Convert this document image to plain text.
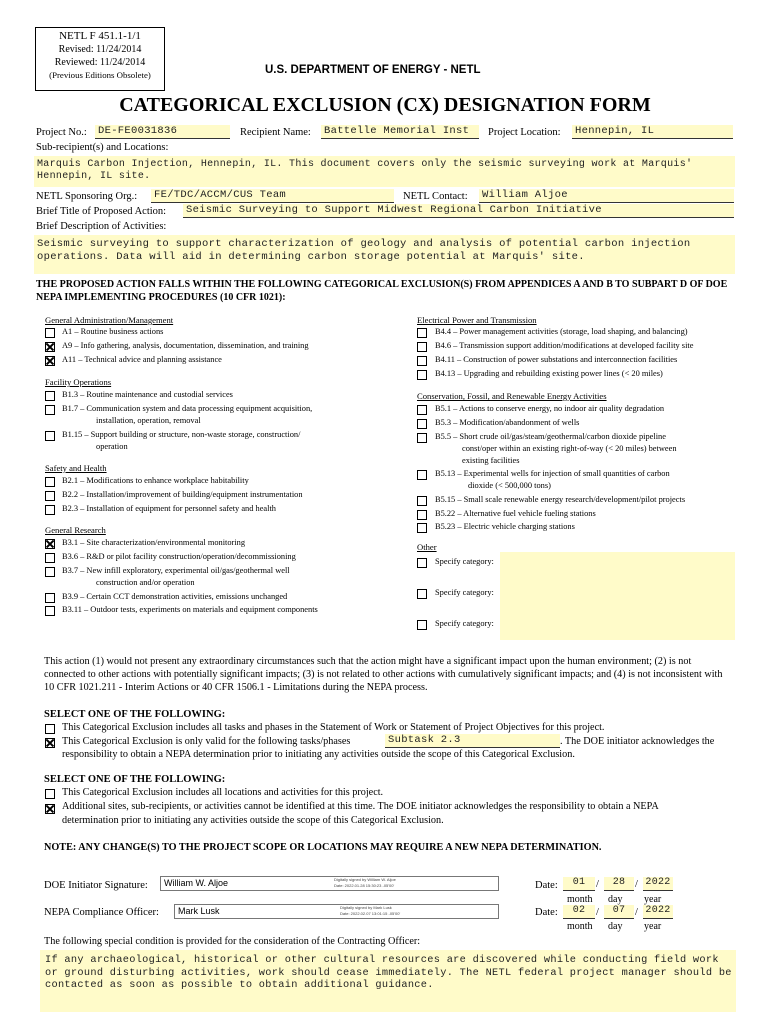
NETL F 451.1-1/1
Revised: 11/24/2014
Reviewed: 11/24/2014
(Previous Editions Obsolete)	U.S. DEPARTMENT OF ENERGY - NETL
CATEGORICAL EXCLUSION (CX) DESIGNATION FORM
Project No.: DE-FE0031836	Recipient Name: Battelle Memorial Inst	Project Location: Hennepin, IL
Sub-recipient(s) and Locations:
Marquis Carbon Injection, Hennepin, IL. This document covers only the seismic surveying work at Marquis' Hennepin, IL site.
NETL Sponsoring Org.: FE/TDC/ACCM/CUS Team	NETL Contact: William Aljoe
Brief Title of Proposed Action: Seismic Surveying to Support Midwest Regional Carbon Initiative
Brief Description of Activities:
Seismic surveying to support characterization of geology and analysis of potential carbon injection operations. Data will aid in determining carbon storage potential at Marquis' site.
THE PROPOSED ACTION FALLS WITHIN THE FOLLOWING CATEGORICAL EXCLUSION(S) FROM APPENDICES A AND B TO SUBPART D OF DOE NEPA IMPLEMENTING PROCEDURES (10 CFR 1021):
General Administration/Management
A1 – Routine business actions
A9 – Info gathering, analysis, documentation, dissemination, and training
A11 – Technical advice and planning assistance
Facility Operations
B1.3 – Routine maintenance and custodial services
B1.7 – Communication system and data processing equipment acquisition,
installation, operation, removal
B1.15 – Support building or structure, non-waste storage, construction/
operation
Safety and Health
B2.1 – Modifications to enhance workplace habitability
B2.2 – Installation/improvement of building/equipment instrumentation
B2.3 – Installation of equipment for personnel safety and health
General Research
B3.1 – Site characterization/environmental monitoring
B3.6 – R&D or pilot facility construction/operation/decommissioning
B3.7 – New infill exploratory, experimental oil/gas/geothermal well
construction and/or operation
B3.9 – Certain CCT demonstration activities, emissions unchanged
B3.11 – Outdoor tests, experiments on materials and equipment components
Electrical Power and Transmission
B4.4 – Power management activities (storage, load shaping, and balancing)
B4.6 – Transmission support addition/modifications at developed facility site
B4.11 – Construction of power substations and interconnection facilities
B4.13 – Upgrading and rebuilding existing power lines (< 20 miles)
Conservation, Fossil, and Renewable Energy Activities
B5.1 – Actions to conserve energy, no indoor air quality degradation
B5.3 – Modification/abandonment of wells
B5.5 – Short crude oil/gas/steam/geothermal/carbon dioxide pipeline
const/oper within an existing right-of-way (< 20 miles) between
existing facilities
B5.13 – Experimental wells for injection of small quantities of carbon
dioxide (< 500,000 tons)
B5.15 – Small scale renewable energy research/development/pilot projects
B5.22 – Alternative fuel vehicle fueling stations
B5.23 – Electric vehicle charging stations
Other
Specify category:
Specify category:
Specify category:
This action (1) would not present any extraordinary circumstances such that the action might have a significant impact upon the human environment; (2) is not connected to other actions with potentially significant impacts; (3) is not related to other actions with cumulatively significant impacts; and (4) is not inconsistent with 10 CFR 1021.211 - Interim Actions or 40 CFR 1506.1 - Limitations during the NEPA process.
SELECT ONE OF THE FOLLOWING:
This Categorical Exclusion includes all tasks and phases in the Statement of Work or Statement of Project Objectives for this project.
This Categorical Exclusion is only valid for the following tasks/phases	Subtask 2.3	. The DOE initiator acknowledges the
responsibility to obtain a NEPA determination prior to initiating any activities outside the scope of this Categorical Exclusion.
SELECT ONE OF THE FOLLOWING:
This Categorical Exclusion includes all locations and activities for this project.
Additional sites, sub-recipients, or activities cannot be identified at this time. The DOE initiator acknowledges the responsibility to obtain a NEPA
determination prior to initiating any activities outside the scope of this Categorical Exclusion.
NOTE: ANY CHANGE(S) TO THE PROJECT SCOPE OR LOCATIONS MAY REQUIRE A NEW NEPA DETERMINATION.
DOE Initiator Signature: William W. Aljoe	Digitally signed by William W. Aljoe
Date: 2022.01.28 15:30:23 -05'00'	Date:	01	/	28 / 2022
month day year
NEPA Compliance Officer: Mark Lusk	Digitally signed by Mark Lusk
Date: 2022.02.07 13:01:15 -05'00'	Date:	02	/	07 / 2022
month day year
The following special condition is provided for the consideration of the Contracting Officer:
If any archaeological, historical or other cultural resources are discovered while conducting field work or ground disturbing activities, work should cease immediately. The NETL federal project manager should be contacted as soon as possible to obtain additional guidance.
